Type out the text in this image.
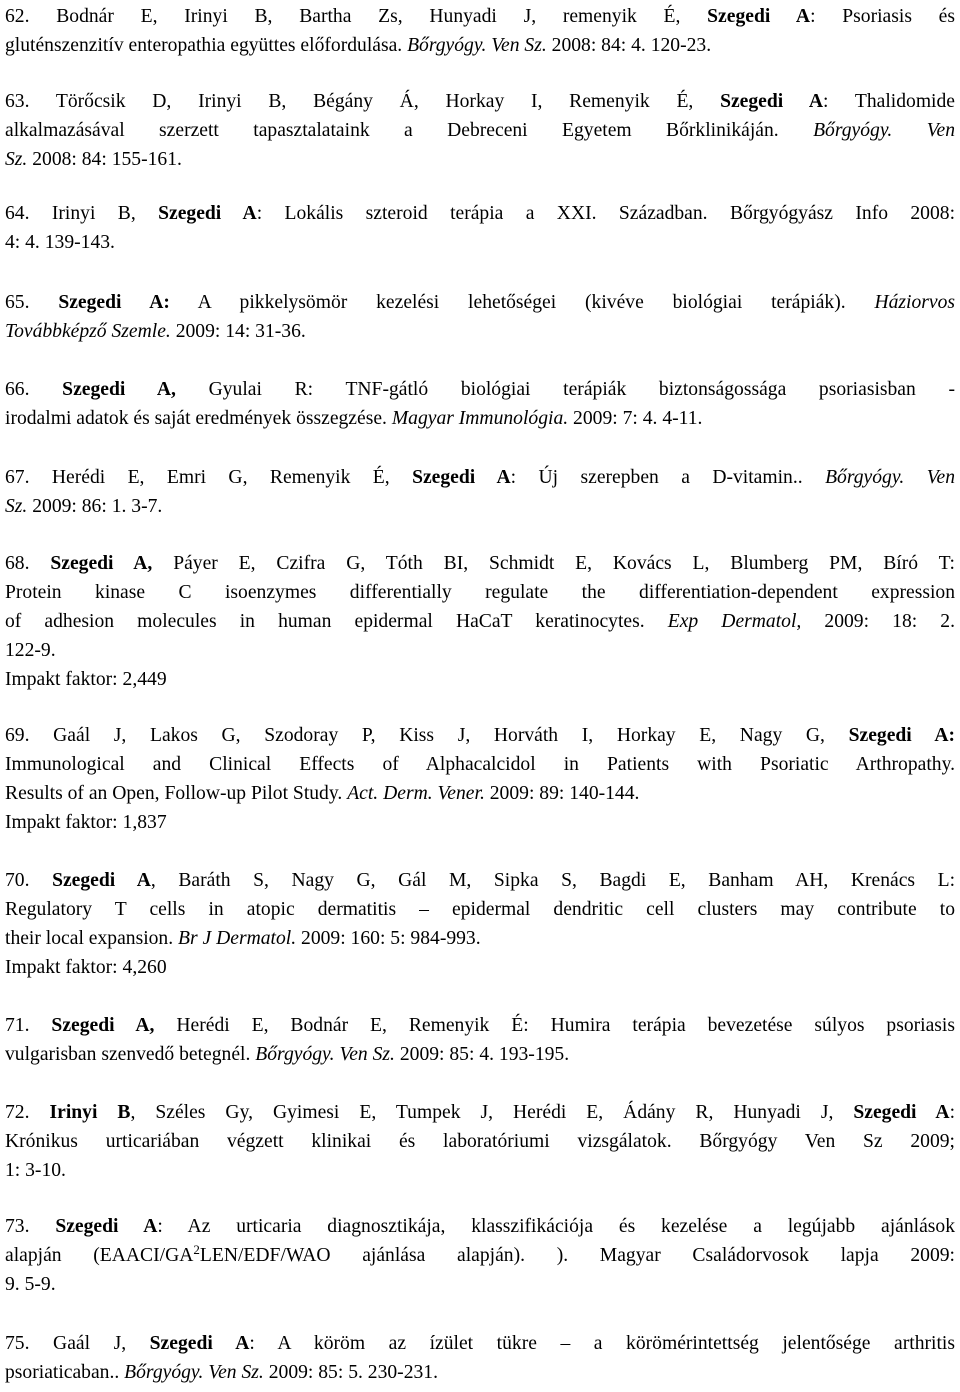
62. Bodnár E, Irinyi B, Bartha Zs, Hunyadi J, remenyik É, Szegedi A: Psoriasis és
gluténszenzitív enteropathia együttes előfordulása. Bőrgyógy. Ven Sz. 2008: 84: 4. 120-23.
63. Törőcsik D, Irinyi B, Bégány Á, Horkay I, Remenyik É, Szegedi A: Thalidomide
alkalmazásával szerzett tapasztalataink a Debreceni Egyetem Bőrklinikáján. Bőrgyógy. Ven
Sz. 2008: 84: 155-161.
64. Irinyi B, Szegedi A: Lokális szteroid terápia a XXI. Században. Bőrgyógyász Info 2008:
4: 4. 139-143.
65. Szegedi A: A pikkelysömör kezelési lehetőségei (kivéve biológiai terápiák). Háziorvos
Továbbképző Szemle. 2009: 14: 31-36.
66. Szegedi A, Gyulai R: TNF-gátló biológiai terápiák biztonságossága psoriasisban -
irodalmi adatok és saját eredmények összegzése. Magyar Immunológia. 2009: 7: 4. 4-11.
67. Herédi E, Emri G, Remenyik É, Szegedi A: Új szerepben a D-vitamin.. Bőrgyógy. Ven
Sz. 2009: 86: 1. 3-7.
68. Szegedi A, Páyer E, Czifra G, Tóth BI, Schmidt E, Kovács L, Blumberg PM, Bíró T:
Protein kinase C isoenzymes differentially regulate the differentiation-dependent expression
of adhesion molecules in human epidermal HaCaT keratinocytes. Exp Dermatol, 2009: 18: 2.
122-9.
Impakt faktor: 2,449
69. Gaál J, Lakos G, Szodoray P, Kiss J, Horváth I, Horkay E, Nagy G, Szegedi A:
Immunological and Clinical Effects of Alphacalcidol in Patients with Psoriatic Arthropathy.
Results of an Open, Follow-up Pilot Study. Act. Derm. Vener. 2009: 89: 140-144.
Impakt faktor: 1,837
70. Szegedi A, Baráth S, Nagy G, Gál M, Sipka S, Bagdi E, Banham AH, Krenács L:
Regulatory T cells in atopic dermatitis – epidermal dendritic cell clusters may contribute to
their local expansion. Br J Dermatol. 2009: 160: 5: 984-993.
Impakt faktor: 4,260
71. Szegedi A, Herédi E, Bodnár E, Remenyik É: Humira terápia bevezetése súlyos psoriasis
vulgarisban szenvedő betegnél. Bőrgyógy. Ven Sz. 2009: 85: 4. 193-195.
72. Irinyi B, Széles Gy, Gyimesi E, Tumpek J, Herédi E, Ádány R, Hunyadi J, Szegedi A:
Krónikus urticariában végzett klinikai és laboratóriumi vizsgálatok. Bőrgyógy Ven Sz 2009;
1: 3-10.
73. Szegedi A: Az urticaria diagnosztikája, klasszifikációja és kezelése a legújabb ajánlások
alapján ($EAACI/GA^2LEN/EDF$/WAO ajánlása alapján). ). Magyar Családorvosok lapja 2009:
9. 5-9.
75. Gaál J, Szegedi A: A köröm az ízület tükre – a körömérintettség jelentősége arthritis
psoriaticaban.. Bőrgyógy. Ven Sz. 2009: 85: 5. 230-231.
